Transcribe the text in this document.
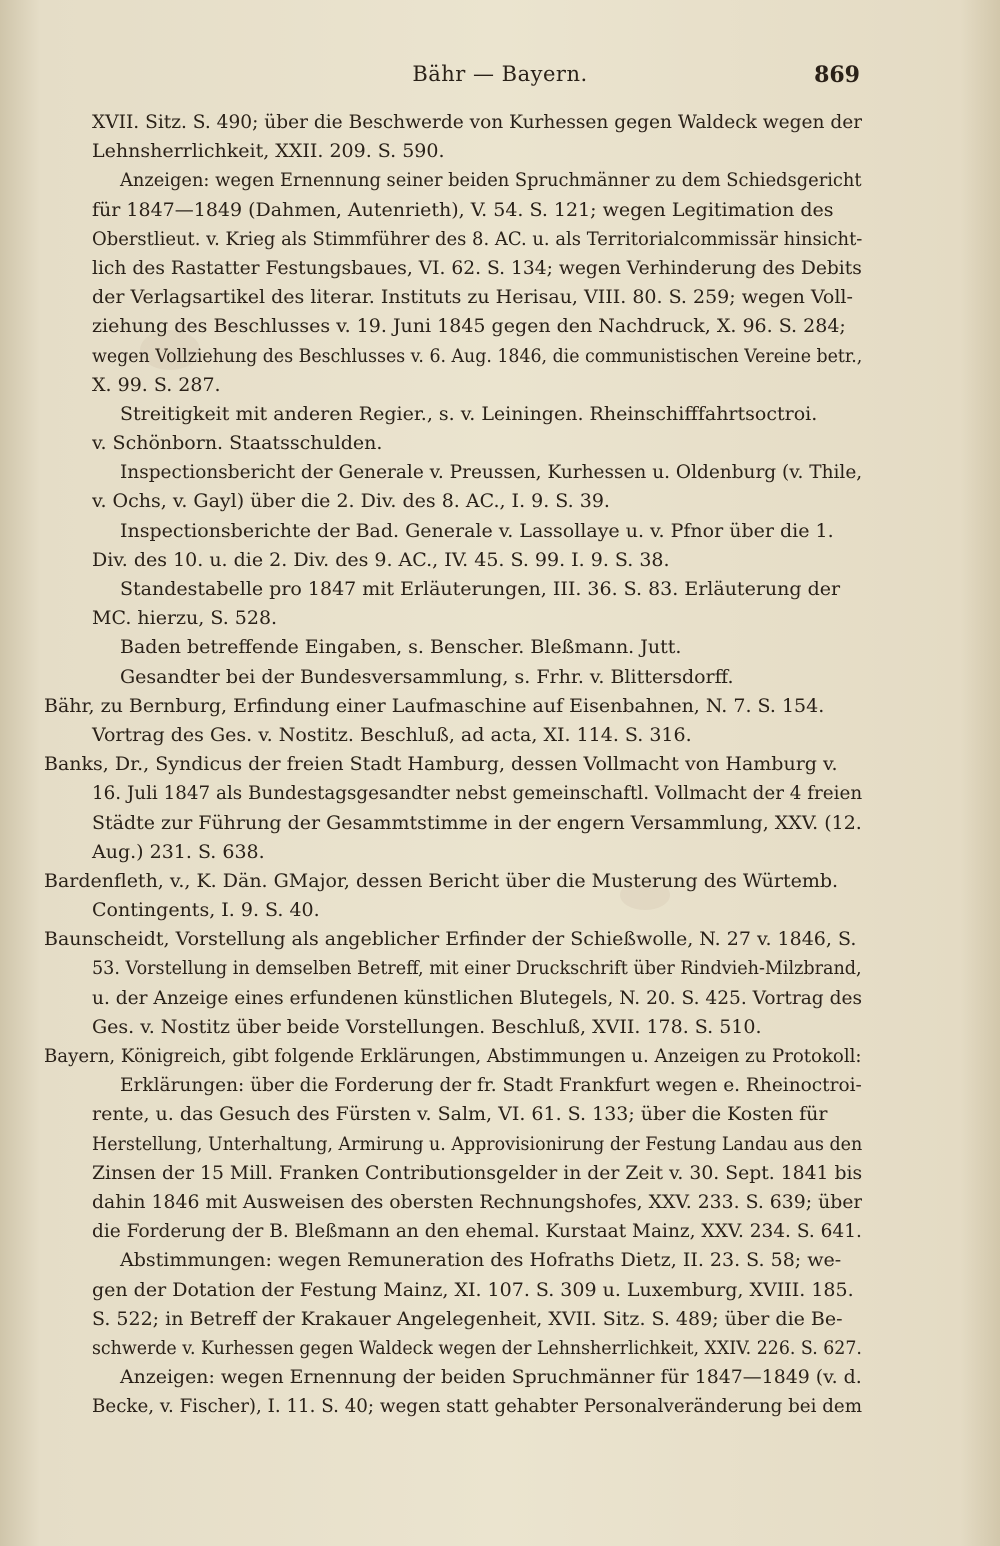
Bähr — Bayern.	869
XVII. Sitz. S. 490; über die Beschwerde von Kurhessen gegen Waldeck wegen der
Lehnsherrlichkeit, XXII. 209. S. 590.
Anzeigen: wegen Ernennung seiner beiden Spruchmänner zu dem Schiedsgericht
für 1847—1849 (Dahmen, Autenrieth), V. 54. S. 121; wegen Legitimation des
Oberstlieut. v. Krieg als Stimmführer des 8. AC. u. als Territorialcommissär hinsicht-
lich des Rastatter Festungsbaues, VI. 62. S. 134; wegen Verhinderung des Debits
der Verlagsartikel des literar. Instituts zu Herisau, VIII. 80. S. 259; wegen Voll-
ziehung des Beschlusses v. 19. Juni 1845 gegen den Nachdruck, X. 96. S. 284;
wegen Vollziehung des Beschlusses v. 6. Aug. 1846, die communistischen Vereine betr.,
X. 99. S. 287.
Streitigkeit mit anderen Regier., s. v. Leiningen. Rheinschifffahrtsoctroi.
v. Schönborn. Staatsschulden.
Inspectionsbericht der Generale v. Preussen, Kurhessen u. Oldenburg (v. Thile,
v. Ochs, v. Gayl) über die 2. Div. des 8. AC., I. 9. S. 39.
Inspectionsberichte der Bad. Generale v. Lassollaye u. v. Pfnor über die 1.
Div. des 10. u. die 2. Div. des 9. AC., IV. 45. S. 99. I. 9. S. 38.
Standestabelle pro 1847 mit Erläuterungen, III. 36. S. 83. Erläuterung der
MC. hierzu, S. 528.
Baden betreffende Eingaben, s. Benscher. Bleßmann. Jutt.
Gesandter bei der Bundesversammlung, s. Frhr. v. Blittersdorff.
Bähr, zu Bernburg, Erfindung einer Laufmaschine auf Eisenbahnen, N. 7. S. 154.
Vortrag des Ges. v. Nostitz. Beschluß, ad acta, XI. 114. S. 316.
Banks, Dr., Syndicus der freien Stadt Hamburg, dessen Vollmacht von Hamburg v.
16. Juli 1847 als Bundestagsgesandter nebst gemeinschaftl. Vollmacht der 4 freien
Städte zur Führung der Gesammtstimme in der engern Versammlung, XXV. (12.
Aug.) 231. S. 638.
Bardenfleth, v., K. Dän. GMajor, dessen Bericht über die Musterung des Würtemb.
Contingents, I. 9. S. 40.
Baunscheidt, Vorstellung als angeblicher Erfinder der Schießwolle, N. 27 v. 1846, S.
53. Vorstellung in demselben Betreff, mit einer Druckschrift über Rindvieh-Milzbrand,
u. der Anzeige eines erfundenen künstlichen Blutegels, N. 20. S. 425. Vortrag des
Ges. v. Nostitz über beide Vorstellungen. Beschluß, XVII. 178. S. 510.
Bayern, Königreich, gibt folgende Erklärungen, Abstimmungen u. Anzeigen zu Protokoll:
Erklärungen: über die Forderung der fr. Stadt Frankfurt wegen e. Rheinoctroi-
rente, u. das Gesuch des Fürsten v. Salm, VI. 61. S. 133; über die Kosten für
Herstellung, Unterhaltung, Armirung u. Approvisionirung der Festung Landau aus den
Zinsen der 15 Mill. Franken Contributionsgelder in der Zeit v. 30. Sept. 1841 bis
dahin 1846 mit Ausweisen des obersten Rechnungshofes, XXV. 233. S. 639; über
die Forderung der B. Bleßmann an den ehemal. Kurstaat Mainz, XXV. 234. S. 641.
Abstimmungen: wegen Remuneration des Hofraths Dietz, II. 23. S. 58; we-
gen der Dotation der Festung Mainz, XI. 107. S. 309 u. Luxemburg, XVIII. 185.
S. 522; in Betreff der Krakauer Angelegenheit, XVII. Sitz. S. 489; über die Be-
schwerde v. Kurhessen gegen Waldeck wegen der Lehnsherrlichkeit, XXIV. 226. S. 627.
Anzeigen: wegen Ernennung der beiden Spruchmänner für 1847—1849 (v. d.
Becke, v. Fischer), I. 11. S. 40; wegen statt gehabter Personalveränderung bei dem
